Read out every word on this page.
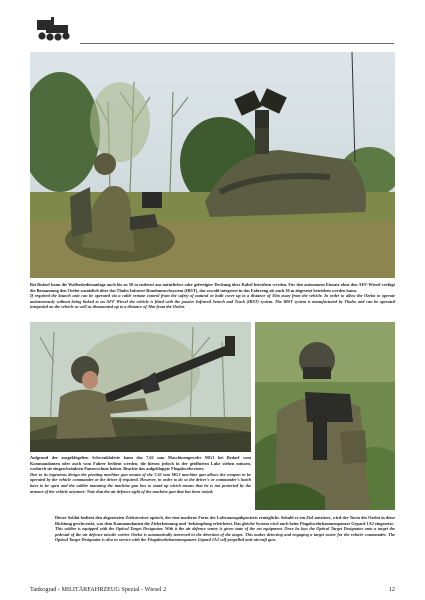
Bei Bedarf kann die Waffenbedienanlage auch bis zu 50 m entfernt aus natürlicher oder gefertigter Deckung über Kabel betrieben werden. Für den autonomen Einsatz ohne den AFF-Wiesel verfügt die Bemannung den Ozelot zusätzlich über das Thales Infrarot-Rundumsuchsystem (IRST), das sowohl integriert in das Fahrzeug als auch 30 m abgesetzt betrieben werden kann.

If required the launch unit can be operated via a cable remote control from the safety of natural or built cover up to a distance of 50m away from the vehicle. In order to allow the Ozelot to operate autonomously without being linked to an AFF Wiesel the vehicle is fitted with the passive Infrared Search and Track (IRST) system. The IRST system is manufactured by Thales and can be operated integrated on the vehicle as well as dismounted up to a distance of 30m from the Ozelot.

Aufgrund der ausgeklügelten Schwenklafette kann das 7,62 mm Maschinengewehr MG3 bei Bedarf vom Kommandanten oder auch vom Fahrer bedient werden, die hierzu jedoch in der geöffneten Luke stehen müssen, wodurch sie eingeschränkten Panzerschutz haben. Beachte das aufgeklappte Flugabwehrvisier.

Due to its ingenious design the pivoting machine gun mount of the 7.62 mm MG3 machine gun allows the weapon to be operated by the vehicle commander or the driver if required. However, in order to do so the driver's or commander's hatch have to be open and the soldier manning the machine gun has to stand up which means that he is not protected by the armour of the vehicle anymore. Note that the air defence sight of the machine gun that has been raised.

Dieser Soldat bedient den abgesetzten Zielzuweiser optisch, der eine moderne Form des Luftraumspähposteris ermöglicht. Sobald er ein Ziel anvisiert, wird der Turm des Ozelot in diese Richtung geschwenkt, was dem Kommandanten die Zielerkennung und -bekämpfung erleichtert. Das gleiche System wird auch beim Flugabwehrkanonenpanzer Gepard 1A2 eingesetzt.

This soldier is equipped with the Optical Target Designator. With it the air defence sentry is given state of the art equipment. Once he lays the Optical Target Designator onto a target the pedestal of the air defence missile carrier Ozelot is automatically traversed in the direction of the target. This makes detecting and engaging a target easier for the vehicle commander. The Optical Target Designator is also in service with the Flugabwehrkanonenpanzer Gepard 1A2 self-propelled anti-aircraft gun.

Tankograd - MILITÄRFAHRZEUG Spezial - Wiesel 2	12
